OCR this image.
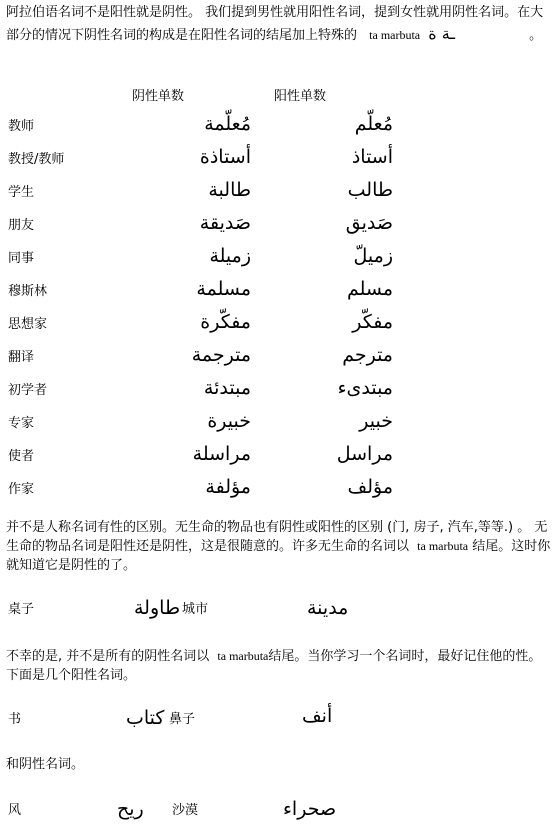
阿拉伯语名词不是阳性就是阴性。 我们提到男性就用阳性名词，提到女性就用阴性名词。在大部分的情况下阴性名词的构成是在阳性名词的结尾加上特殊的 ta marbuta ـة ة	。
阴性单数	阳性单数
教师	مُعلّمة	مُعلّم
教授/教师	أستاذة	أستاذ
学生	طالبة	طالب
朋友	صَديقة	صَديق
同事	زميلة	زميلّ
穆斯林	مسلمة	مسلم
思想家	مفكّرة	مفكّر
翻译	مترجمة	مترجم
初学者	مبتدئة	مبتدىء
专家	خبيرة	خبير
使者	مراسلة	مراسل
作家	مؤلفة	مؤلف
并不是人称名词有性的区别。无生命的物品也有阴性或阳性的区别 (门, 房子, 汽车,等等.) 。 无生命的物品名词是阳性还是阴性，这是很随意的。许多无生命的名词以 ta marbuta 结尾。这时你就知道它是阴性的了。
桌子	طاولة 城市	مدينة
不幸的是, 并不是所有的阴性名词以 ta marbuta结尾。当你学习一个名词时，最好记住他的性。下面是几个阳性名词。
书	كتاب 鼻子	أنف
和阴性名词。
风	ريح 沙漠	صحراء
